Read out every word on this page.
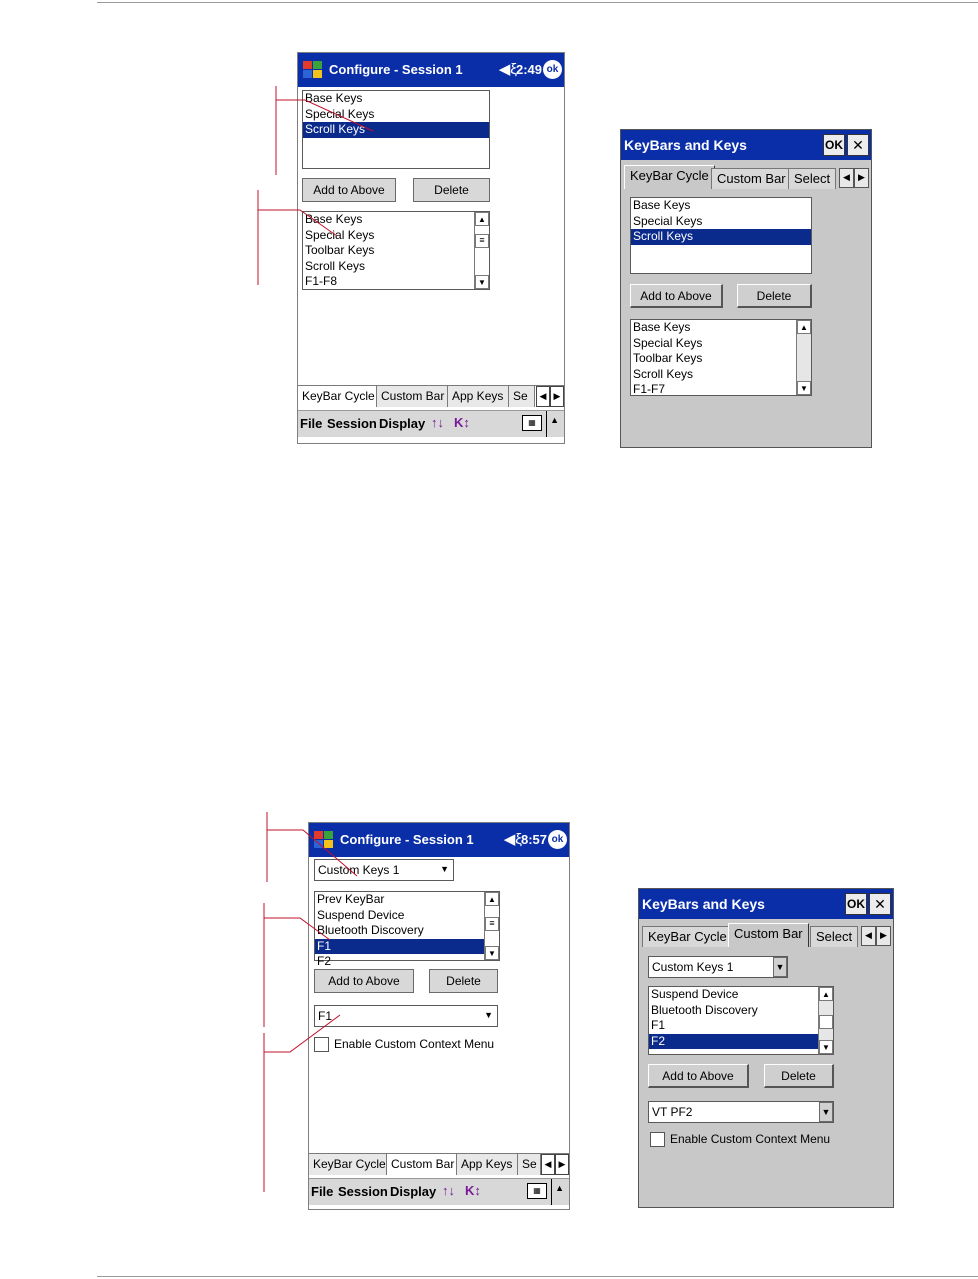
Configure - Session 1 ◀︎ξ
2:49 ok
Base Keys
Special Keys
Scroll Keys
Add to Above	Delete
Base Keys
Special Keys
Toolbar Keys
Scroll Keys
F1-F8
▲
≡
▼
KeyBar Cycle Custom Bar App Keys Se	◀ ▶
File Session Display ↑↓ K↕	▦	▲
KeyBars and Keys	OK ✕
KeyBar Cycle Custom Bar Select	◀ ▶
Base Keys
Special Keys
Scroll Keys
Add to Above	Delete
Base Keys
Special Keys
Toolbar Keys
Scroll Keys
F1-F7
▲
▼
Configure - Session 1 ◀︎ξ
8:57 ok
Custom Keys 1	▼
Prev KeyBar
Suspend Device
Bluetooth Discovery
F1
F2
▲
≡
▼
Add to Above	Delete
F1	▼
Enable Custom Context Menu
KeyBar Cycle Custom Bar App Keys Se ◀ ▶
File Session Display ↑↓ K↕	▦	▲
KeyBars and Keys	OK ✕
KeyBar Cycle Custom Bar	Select	◀ ▶
Custom Keys 1	▼
Suspend Device
Bluetooth Discovery
F1
F2
▲
▼
Add to Above	Delete
VT PF2	▼
Enable Custom Context Menu
